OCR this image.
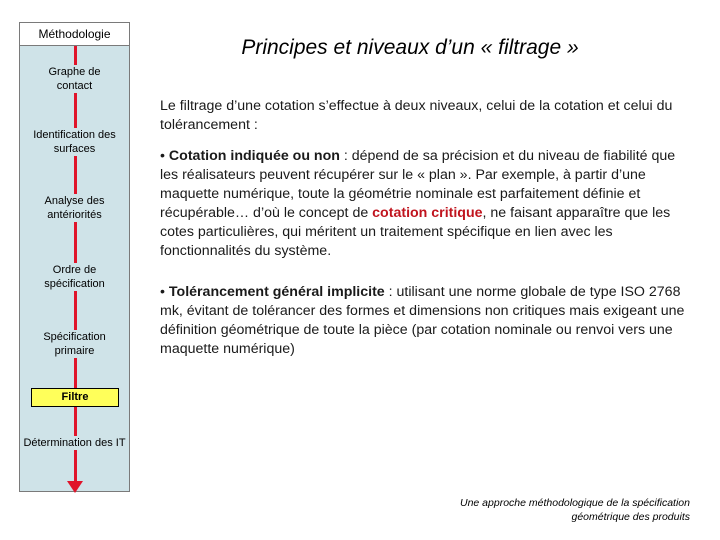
Méthodologie
Graphe de contact
Identification des surfaces
Analyse des antériorités
Ordre de spécification
Spécification primaire
Filtre
Détermination des IT
Principes et niveaux d’un « filtrage »

Le filtrage d’une cotation s’effectue à deux niveaux, celui de la cotation et celui du tolérancement :

• Cotation indiquée ou non : dépend de sa précision et du niveau de fiabilité que les réalisateurs peuvent récupérer sur le « plan ». Par exemple, à partir d’une maquette numérique, toute la géométrie nominale est parfaitement définie et récupérable… d’où le concept de cotation critique, ne faisant apparaître que les cotes particulières, qui méritent un traitement spécifique en lien avec les fonctionnalités du système.

• Tolérancement général implicite : utilisant une norme globale de type ISO 2768 mk, évitant de tolérancer des formes et dimensions non critiques mais exigeant une définition géométrique de toute la pièce (par cotation nominale ou renvoi vers une maquette numérique)

Une approche méthodologique de la spécification géométrique des produits
